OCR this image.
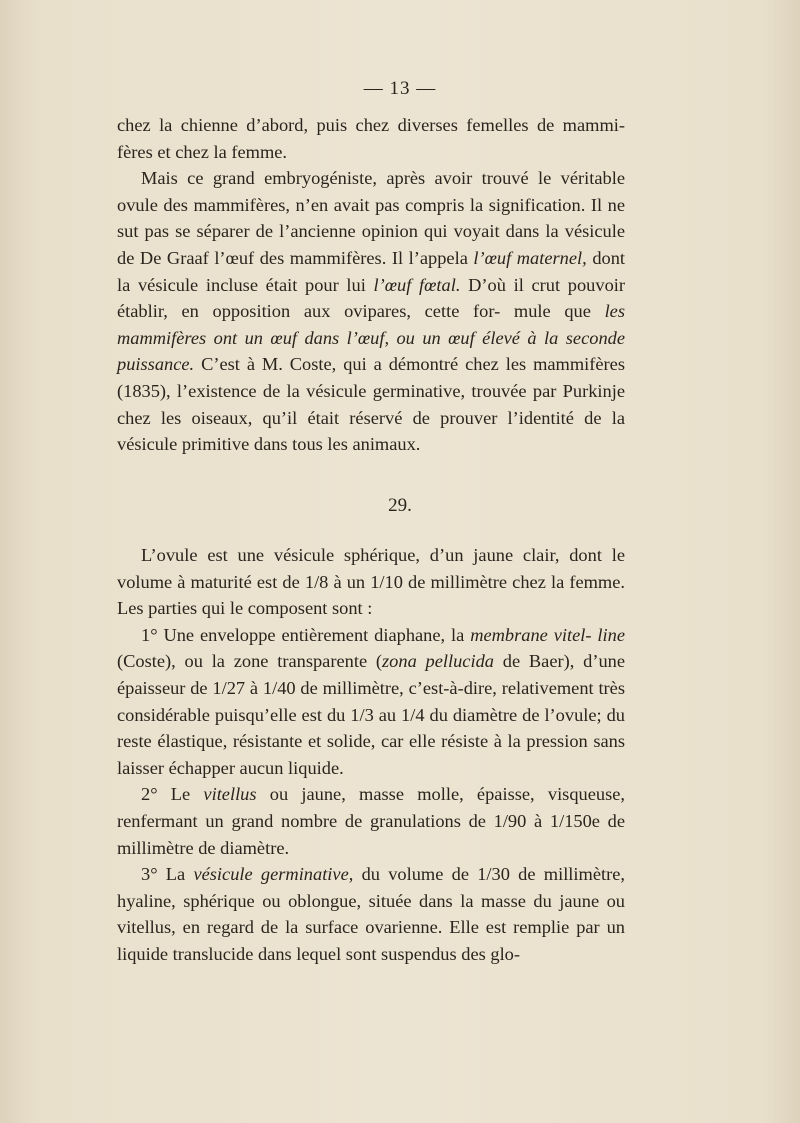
— 13 —

chez la chienne d’abord, puis chez diverses femelles de mammi- fères et chez la femme.

Mais ce grand embryogéniste, après avoir trouvé le véritable ovule des mammifères, n’en avait pas compris la signification. Il ne sut pas se séparer de l’ancienne opinion qui voyait dans la vésicule de De Graaf l’œuf des mammifères. Il l’appela l’œuf maternel, dont la vésicule incluse était pour lui l’œuf fœtal. D’où il crut pouvoir établir, en opposition aux ovipares, cette for- mule que les mammifères ont un œuf dans l’œuf, ou un œuf élevé à la seconde puissance. C’est à M. Coste, qui a démontré chez les mammifères (1835), l’existence de la vésicule germinative, trouvée par Purkinje chez les oiseaux, qu’il était réservé de prouver l’identité de la vésicule primitive dans tous les animaux.

29.

L’ovule est une vésicule sphérique, d’un jaune clair, dont le volume à maturité est de 1/8 à un 1/10 de millimètre chez la femme. Les parties qui le composent sont :

1° Une enveloppe entièrement diaphane, la membrane vitel- line (Coste), ou la zone transparente (zona pellucida de Baer), d’une épaisseur de 1/27 à 1/40 de millimètre, c’est-à-dire, relativement très considérable puisqu’elle est du 1/3 au 1/4 du diamètre de l’ovule; du reste élastique, résistante et solide, car elle résiste à la pression sans laisser échapper aucun liquide.

2° Le vitellus ou jaune, masse molle, épaisse, visqueuse, renfermant un grand nombre de granulations de 1/90 à 1/150e de millimètre de diamètre.

3° La vésicule germinative, du volume de 1/30 de millimètre, hyaline, sphérique ou oblongue, située dans la masse du jaune ou vitellus, en regard de la surface ovarienne. Elle est remplie par un liquide translucide dans lequel sont suspendus des glo-
